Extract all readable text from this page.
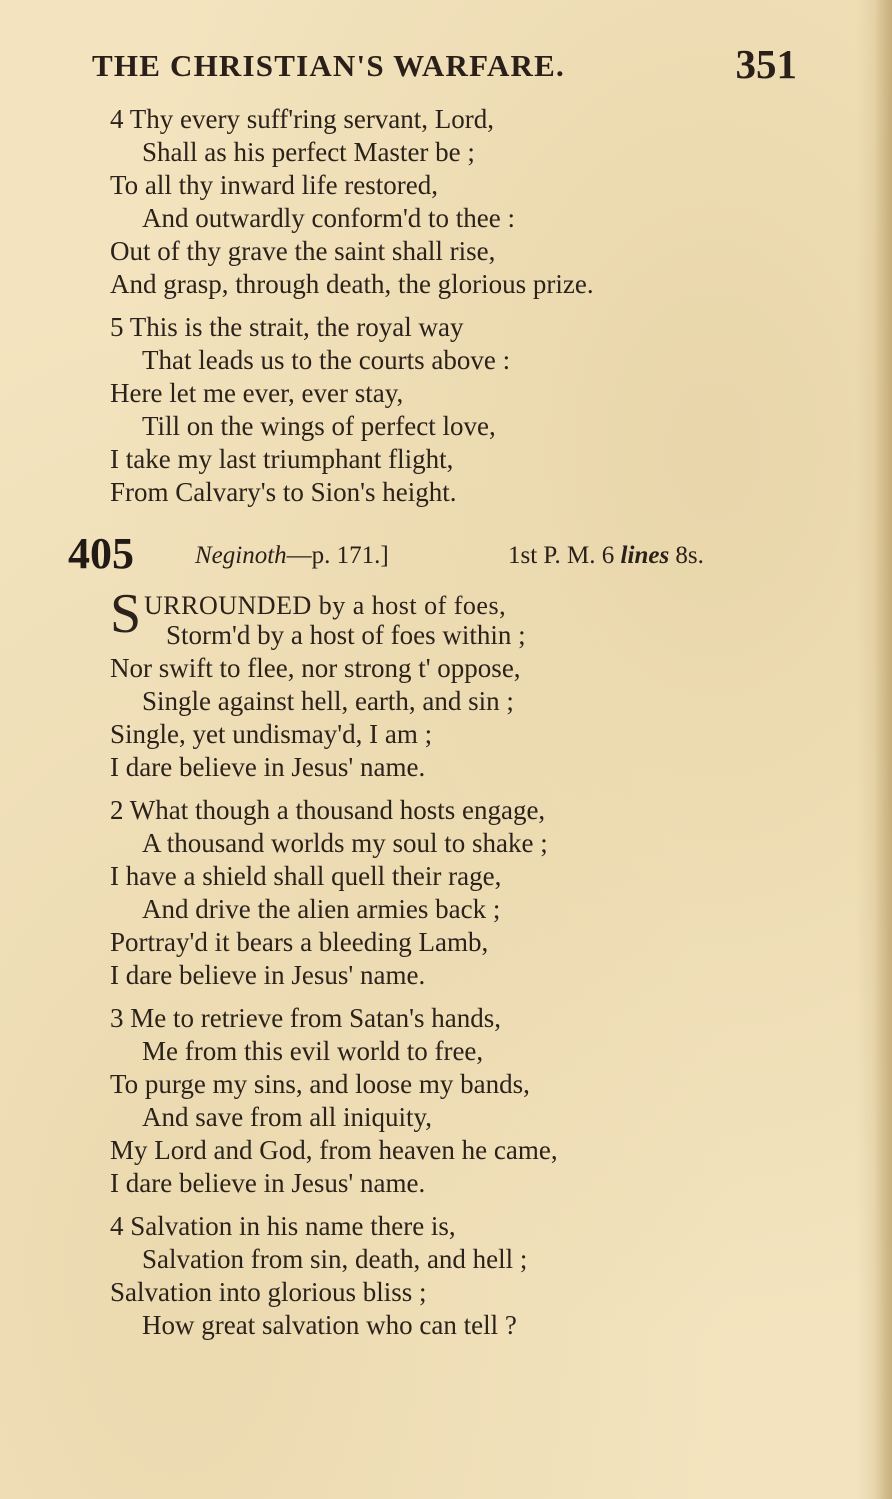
THE CHRISTIAN'S WARFARE.	351
4 Thy every suff'ring servant, Lord,
Shall as his perfect Master be ;
To all thy inward life restored,
And outwardly conform'd to thee :
Out of thy grave the saint shall rise,
And grasp, through death, the glorious prize.
5 This is the strait, the royal way
That leads us to the courts above :
Here let me ever, ever stay,
Till on the wings of perfect love,
I take my last triumphant flight,
From Calvary's to Sion's height.
405 Neginoth—p. 171.]	1st P. M. 6 lines 8s.
S URROUNDED by a host of foes,
Storm'd by a host of foes within ;
Nor swift to flee, nor strong t' oppose,
Single against hell, earth, and sin ;
Single, yet undismay'd, I am ;
I dare believe in Jesus' name.
2 What though a thousand hosts engage,
A thousand worlds my soul to shake ;
I have a shield shall quell their rage,
And drive the alien armies back ;
Portray'd it bears a bleeding Lamb,
I dare believe in Jesus' name.
3 Me to retrieve from Satan's hands,
Me from this evil world to free,
To purge my sins, and loose my bands,
And save from all iniquity,
My Lord and God, from heaven he came,
I dare believe in Jesus' name.
4 Salvation in his name there is,
Salvation from sin, death, and hell ;
Salvation into glorious bliss ;
How great salvation who can tell ?
